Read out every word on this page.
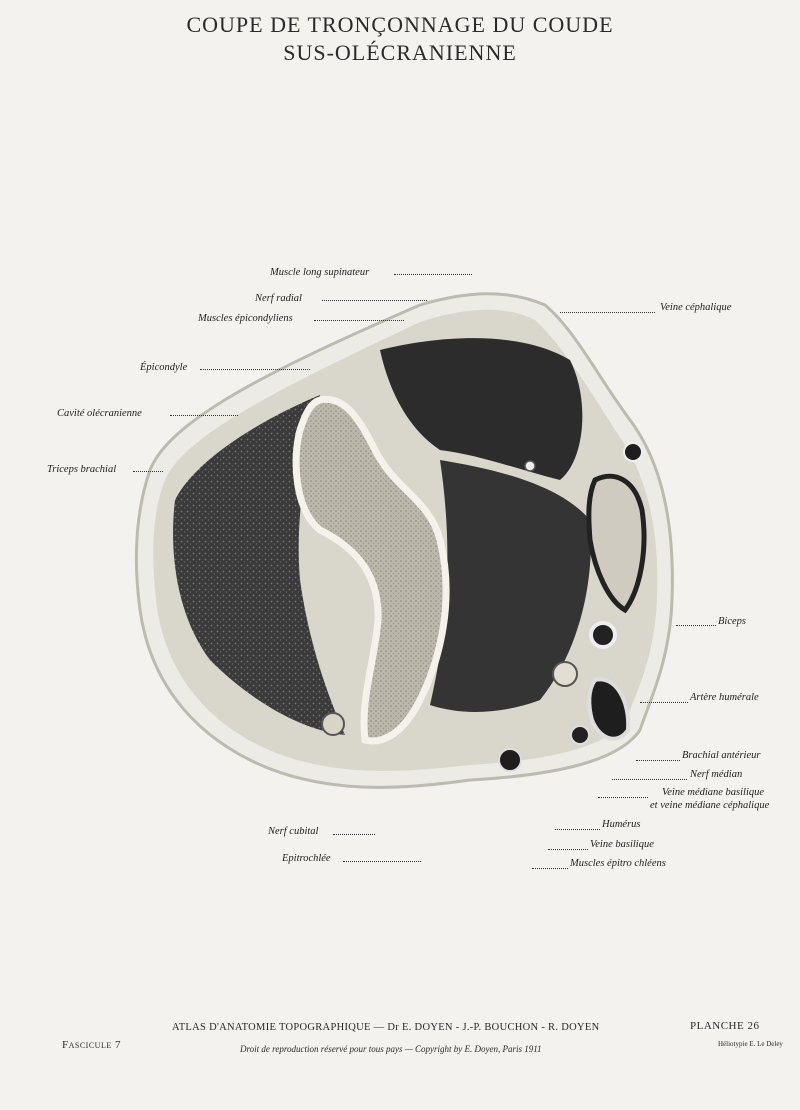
COUPE DE TRONÇONNAGE DU COUDE
SUS-OLÉCRANIENNE
Muscle long supinateur
Nerf radial
Muscles épicondyliens
Épicondyle
Cavité olécranienne
Triceps brachial
Veine céphalique
Biceps
Artère humérale
Brachial antérieur
Nerf médian
Veine médiane basilique
et veine médiane céphalique
Humérus
Veine basilique
Muscles épitro chléens
Nerf cubital
Epitrochlée
Fascicule 7
ATLAS D'ANATOMIE TOPOGRAPHIQUE — Dr E. DOYEN - J.-P. BOUCHON - R. DOYEN	PLANCHE 26
Droit de reproduction réservé pour tous pays — Copyright by E. Doyen, Paris 1911	Héliotypie E. Le Deley
